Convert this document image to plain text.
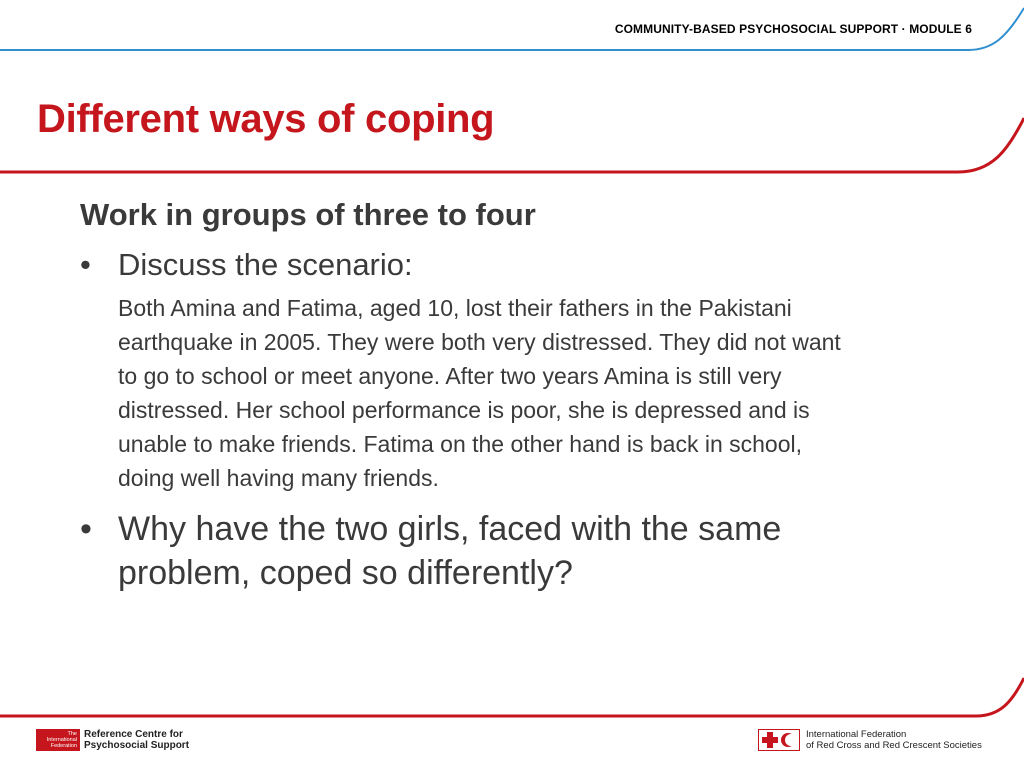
COMMUNITY-BASED PSYCHOSOCIAL SUPPORT · MODULE 6
Different ways of coping
Work in groups of three to four
• Discuss the scenario:
Both Amina and Fatima, aged 10, lost their fathers in the Pakistani earthquake in 2005. They were both very distressed. They did not want to go to school or meet anyone. After two years Amina is still very distressed. Her school performance is poor, she is depressed and is unable to make friends. Fatima on the other hand is back in school, doing well having many friends.
• Why have the two girls, faced with the same problem, coped so differently?
The
International
Federation
Reference Centre for
Psychosocial Support
International Federation
of Red Cross and Red Crescent Societies
